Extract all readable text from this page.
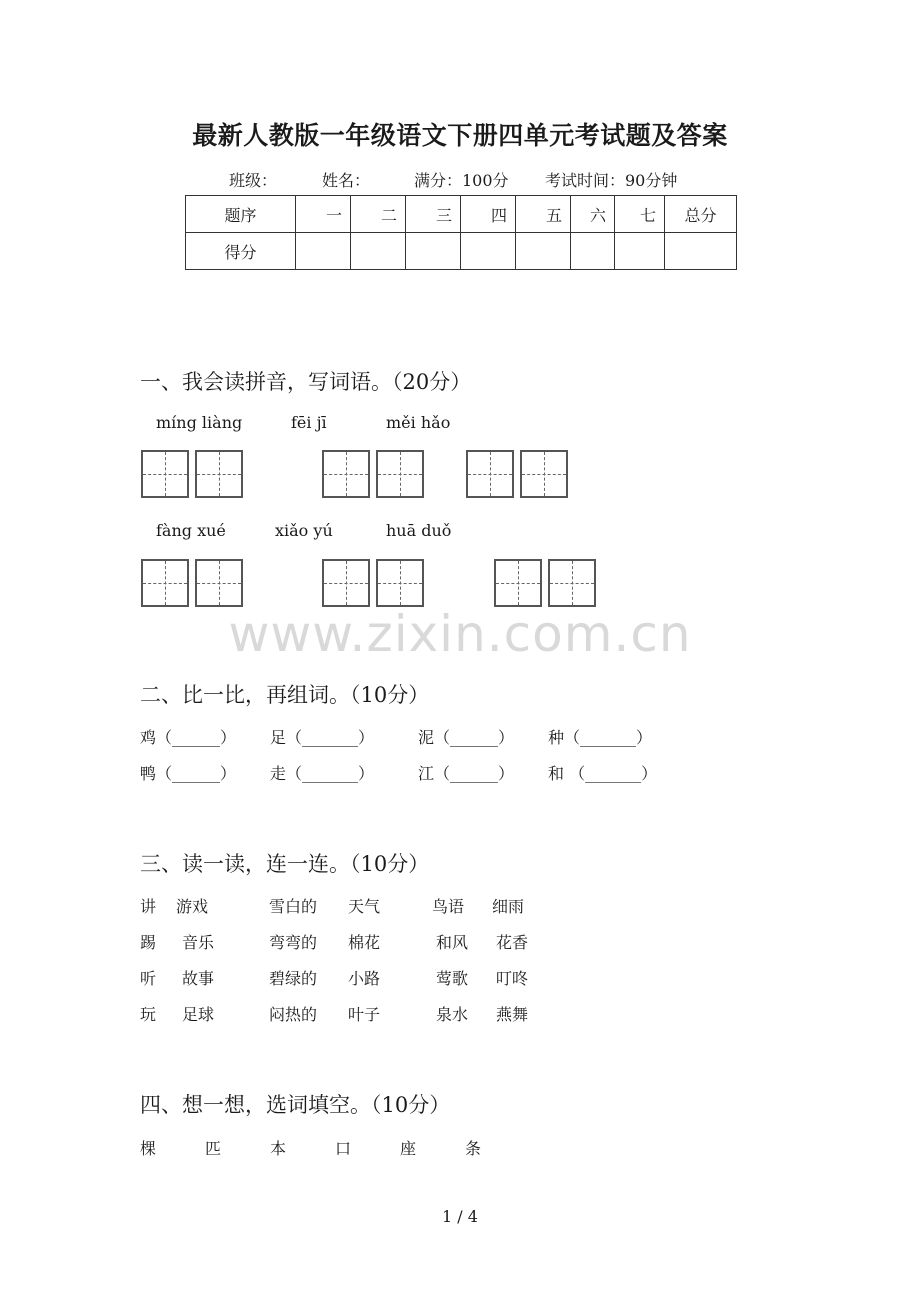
最新人教版一年级语文下册四单元考试题及答案
班级：	姓名：	满分：100分 考试时间：90分钟
题序	一	二	三	四	五	六	七	总分
得分								
一、我会读拼音，写词语。（20分）
míng liàng	fēi jī	měi hǎo
fàng xué	xiǎo yú	huā duǒ
www.zixin.com.cn
二、比一比，再组词。（10分）
鸡（______） 足（_______）	泥（______） 种（_______）
鸭（______） 走（_______）	江（______） 和 （_______）
三、读一读，连一连。（10分）
讲 游戏	雪白的 天气	鸟语 细雨
踢 音乐	弯弯的 棉花	和风 花香
听 故事	碧绿的 小路	莺歌 叮咚
玩 足球	闷热的 叶子	泉水 燕舞
四、想一想，选词填空。（10分）
棵	匹	本	口	座	条
1 / 4
